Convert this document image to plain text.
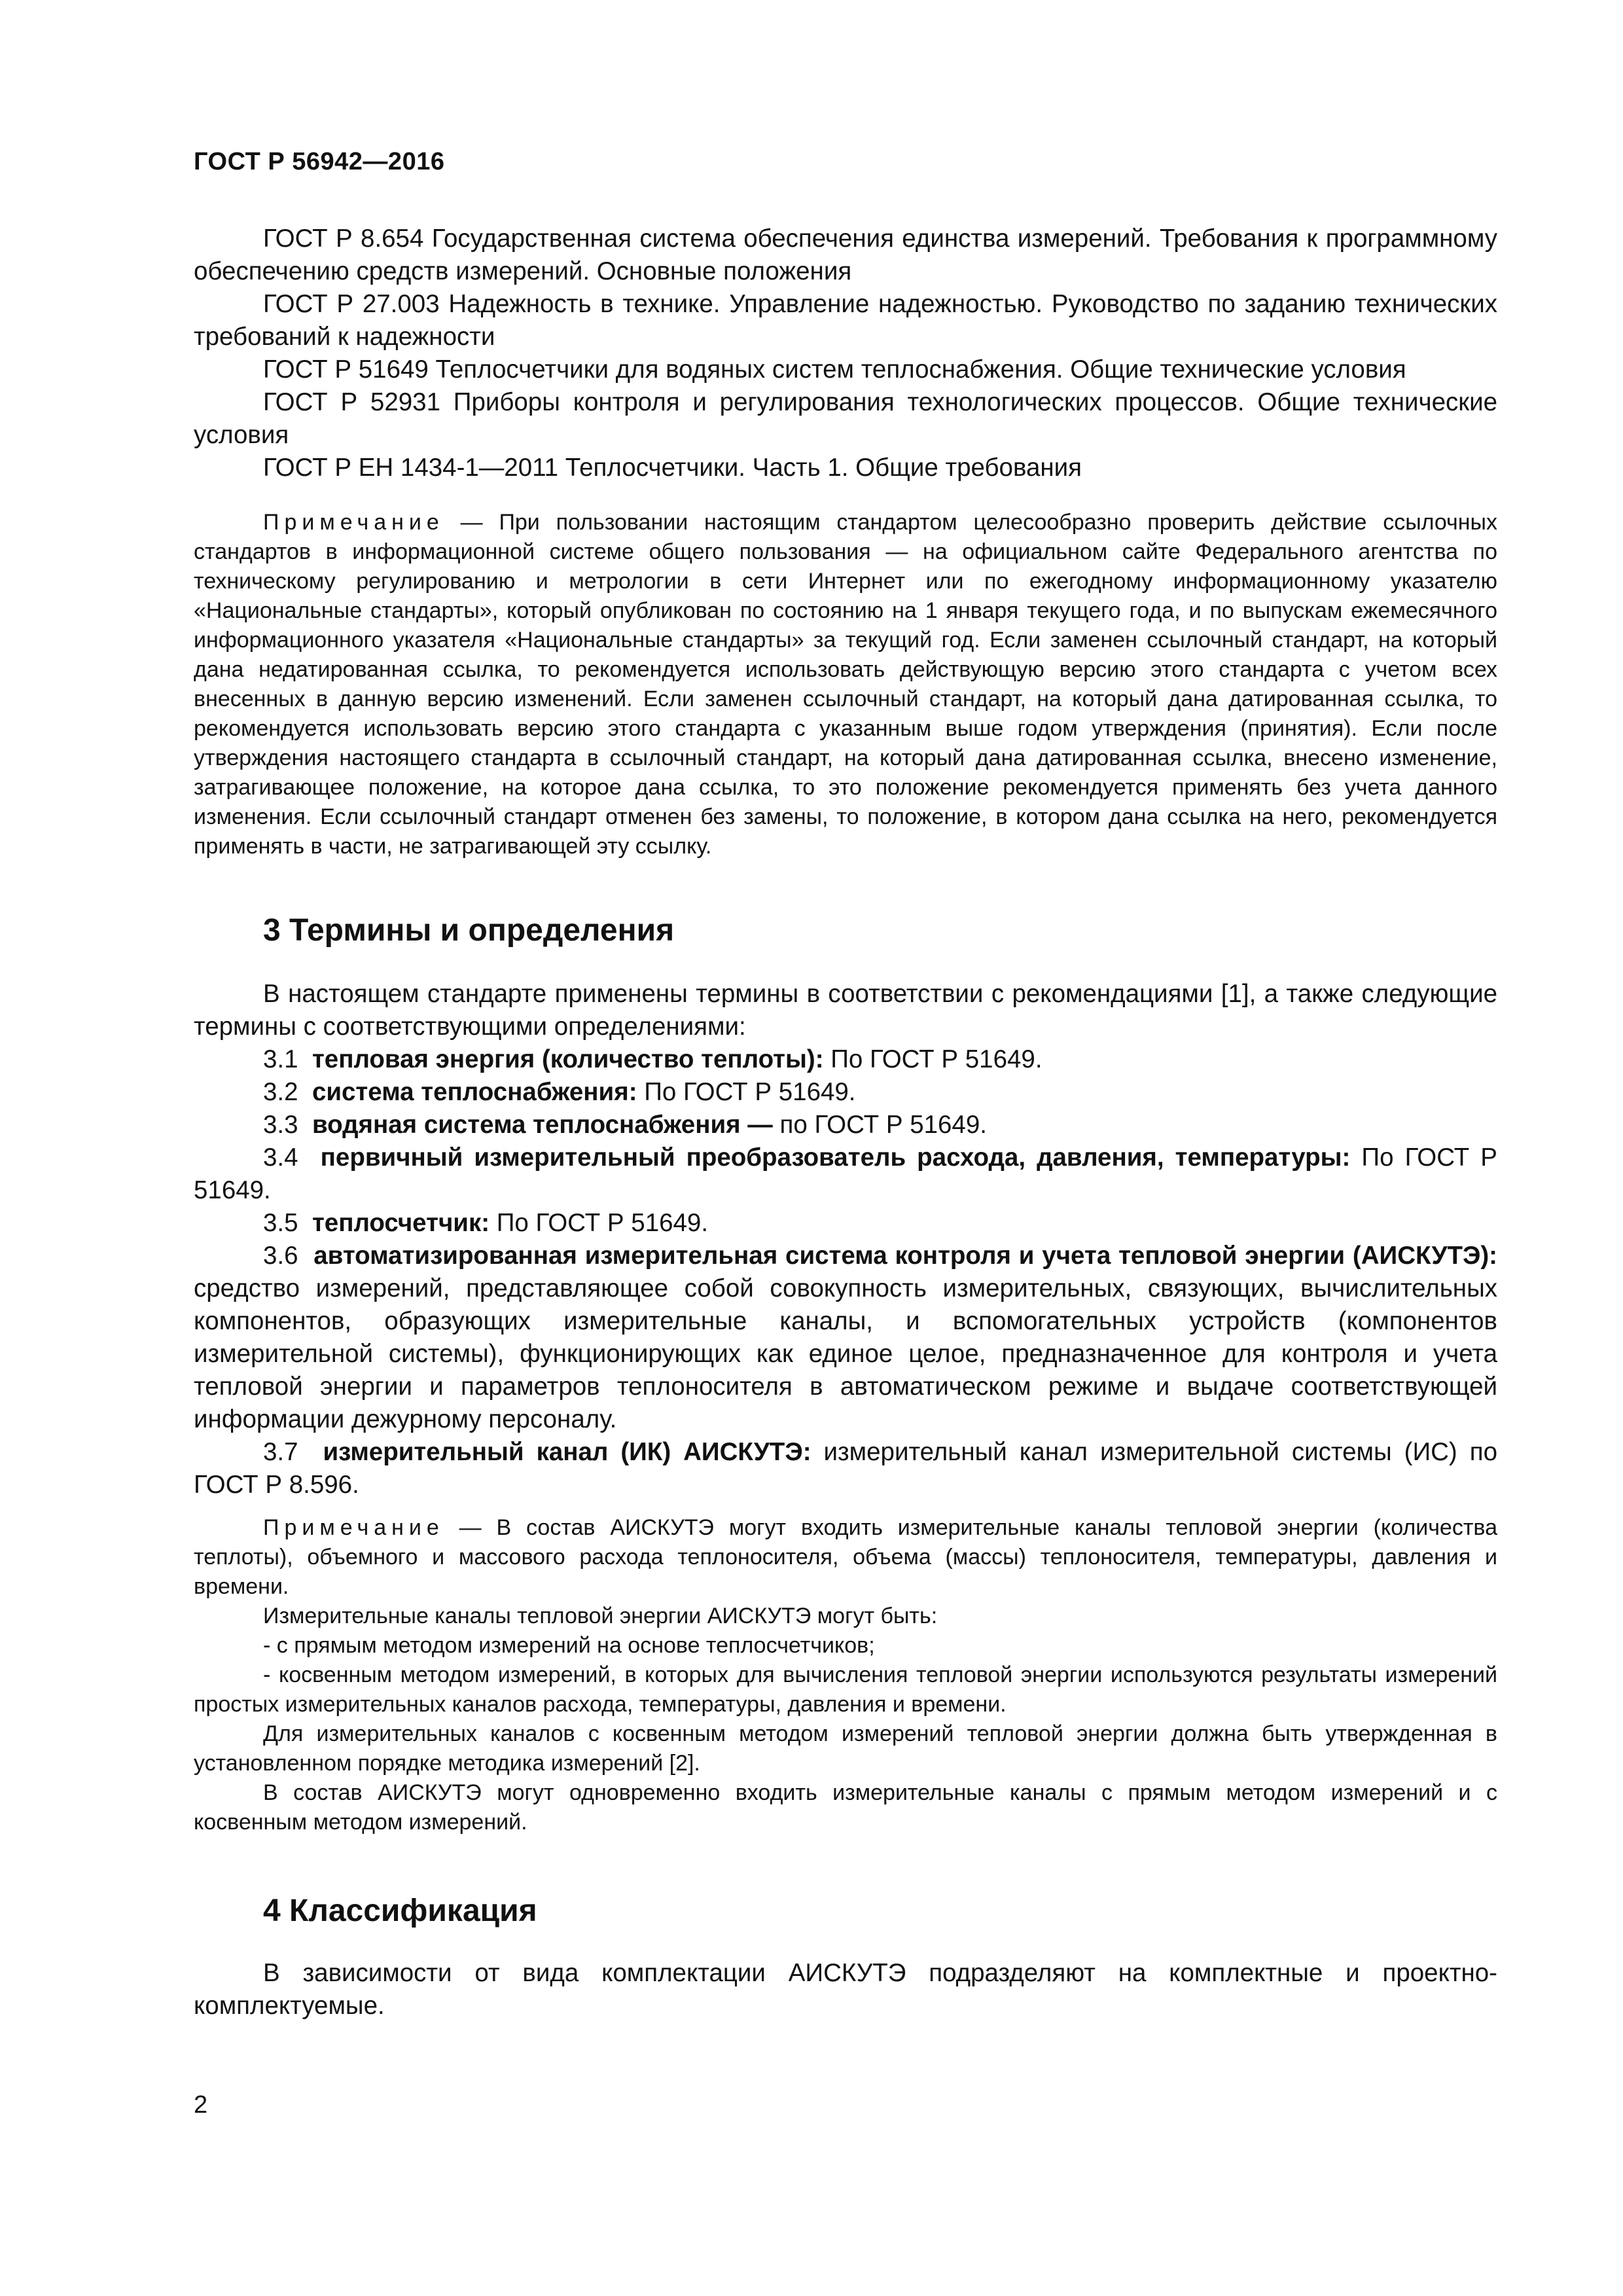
ГОСТ Р 56942—2016

ГОСТ Р 8.654 Государственная система обеспечения единства измерений. Требования к программному обеспечению средств измерений. Основные положения

ГОСТ Р 27.003 Надежность в технике. Управление надежностью. Руководство по заданию технических требований к надежности

ГОСТ Р 51649 Теплосчетчики для водяных систем теплоснабжения. Общие технические условия

ГОСТ Р 52931 Приборы контроля и регулирования технологических процессов. Общие технические условия

ГОСТ Р ЕН 1434-1—2011 Теплосчетчики. Часть 1. Общие требования

Примечание — При пользовании настоящим стандартом целесообразно проверить действие ссылочных стандартов в информационной системе общего пользования — на официальном сайте Федерального агентства по техническому регулированию и метрологии в сети Интернет или по ежегодному информационному указателю «Национальные стандарты», который опубликован по состоянию на 1 января текущего года, и по выпускам ежемесячного информационного указателя «Национальные стандарты» за текущий год. Если заменен ссылочный стандарт, на который дана недатированная ссылка, то рекомендуется использовать действующую версию этого стандарта с учетом всех внесенных в данную версию изменений. Если заменен ссылочный стандарт, на который дана датированная ссылка, то рекомендуется использовать версию этого стандарта с указанным выше годом утверждения (принятия). Если после утверждения настоящего стандарта в ссылочный стандарт, на который дана датированная ссылка, внесено изменение, затрагивающее положение, на которое дана ссылка, то это положение рекомендуется применять без учета данного изменения. Если ссылочный стандарт отменен без замены, то положение, в котором дана ссылка на него, рекомендуется применять в части, не затрагивающей эту ссылку.

3 Термины и определения

В настоящем стандарте применены термины в соответствии с рекомендациями [1], а также следующие термины с соответствующими определениями:

3.1 тепловая энергия (количество теплоты): По ГОСТ Р 51649.

3.2 система теплоснабжения: По ГОСТ Р 51649.

3.3 водяная система теплоснабжения — по ГОСТ Р 51649.

3.4 первичный измерительный преобразователь расхода, давления, температуры: По ГОСТ Р 51649.

3.5 теплосчетчик: По ГОСТ Р 51649.

3.6 автоматизированная измерительная система контроля и учета тепловой энергии (АИСКУТЭ): средство измерений, представляющее собой совокупность измерительных, связующих, вычислительных компонентов, образующих измерительные каналы, и вспомогательных устройств (компонентов измерительной системы), функционирующих как единое целое, предназначенное для контроля и учета тепловой энергии и параметров теплоносителя в автоматическом режиме и выдаче соответствующей информации дежурному персоналу.

3.7 измерительный канал (ИК) АИСКУТЭ: измерительный канал измерительной системы (ИС) по ГОСТ Р 8.596.

Примечание — В состав АИСКУТЭ могут входить измерительные каналы тепловой энергии (количества теплоты), объемного и массового расхода теплоносителя, объема (массы) теплоносителя, температуры, давления и времени.

Измерительные каналы тепловой энергии АИСКУТЭ могут быть:

- с прямым методом измерений на основе теплосчетчиков;

- косвенным методом измерений, в которых для вычисления тепловой энергии используются результаты измерений простых измерительных каналов расхода, температуры, давления и времени.

Для измерительных каналов с косвенным методом измерений тепловой энергии должна быть утвержденная в установленном порядке методика измерений [2].

В состав АИСКУТЭ могут одновременно входить измерительные каналы с прямым методом измерений и с косвенным методом измерений.

4 Классификация

В зависимости от вида комплектации АИСКУТЭ подразделяют на комплектные и проектно-комплектуемые.

2
